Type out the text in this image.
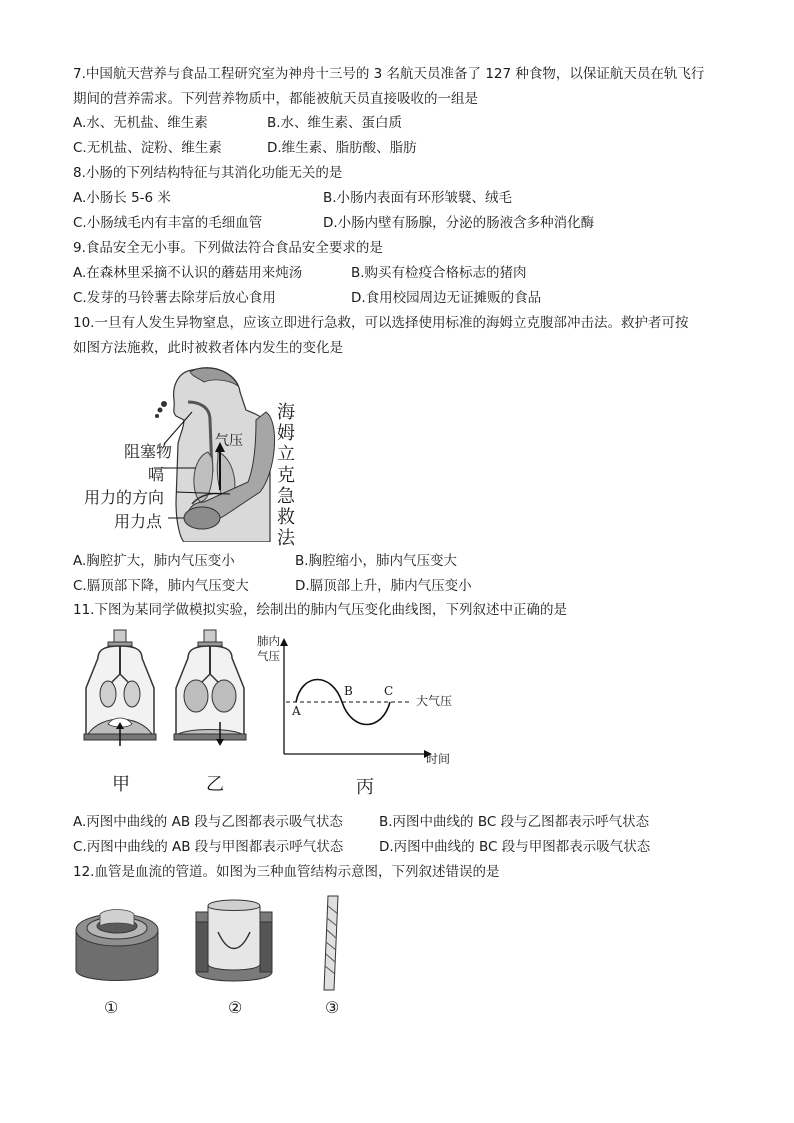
7.中国航天营养与食品工程研究室为神舟十三号的 3 名航天员准备了 127 种食物，以保证航天员在轨飞行
期间的营养需求。下列营养物质中，都能被航天员直接吸收的一组是
A.水、无机盐、维生素	B.水、维生素、蛋白质
C.无机盐、淀粉、维生素	D.维生素、脂肪酸、脂肪
8.小肠的下列结构特征与其消化功能无关的是
A.小肠长 5-6 米	B.小肠内表面有环形皱襞、绒毛
C.小肠绒毛内有丰富的毛细血管	D.小肠内壁有肠腺，分泌的肠液含多种消化酶
9.食品安全无小事。下列做法符合食品安全要求的是
A.在森林里采摘不认识的蘑菇用来炖汤	B.购买有检疫合格标志的猪肉
C.发芽的马铃薯去除芽后放心食用	D.食用校园周边无证摊贩的食品
10.一旦有人发生异物窒息，应该立即进行急救，可以选择使用标准的海姆立克腹部冲击法。救护者可按
如图方法施救，此时被救者体内发生的变化是
气压
阻塞物
嗝
用力的方向
用力点
海
姆
立
克
急
救
法
A.胸腔扩大，肺内气压变小	B.胸腔缩小，肺内气压变大
C.膈顶部下降，肺内气压变大	D.膈顶部上升，肺内气压变小
11.下图为某同学做模拟实验，绘制出的肺内气压变化曲线图，下列叙述中正确的是
甲	乙
肺内
气压
大气压
时间
A
B	C
丙
A.丙图中曲线的 AB 段与乙图都表示吸气状态	B.丙图中曲线的 BC 段与乙图都表示呼气状态
C.丙图中曲线的 AB 段与甲图都表示呼气状态	D.丙图中曲线的 BC 段与甲图都表示吸气状态
12.血管是血流的管道。如图为三种血管结构示意图，下列叙述错误的是
①	②	③
